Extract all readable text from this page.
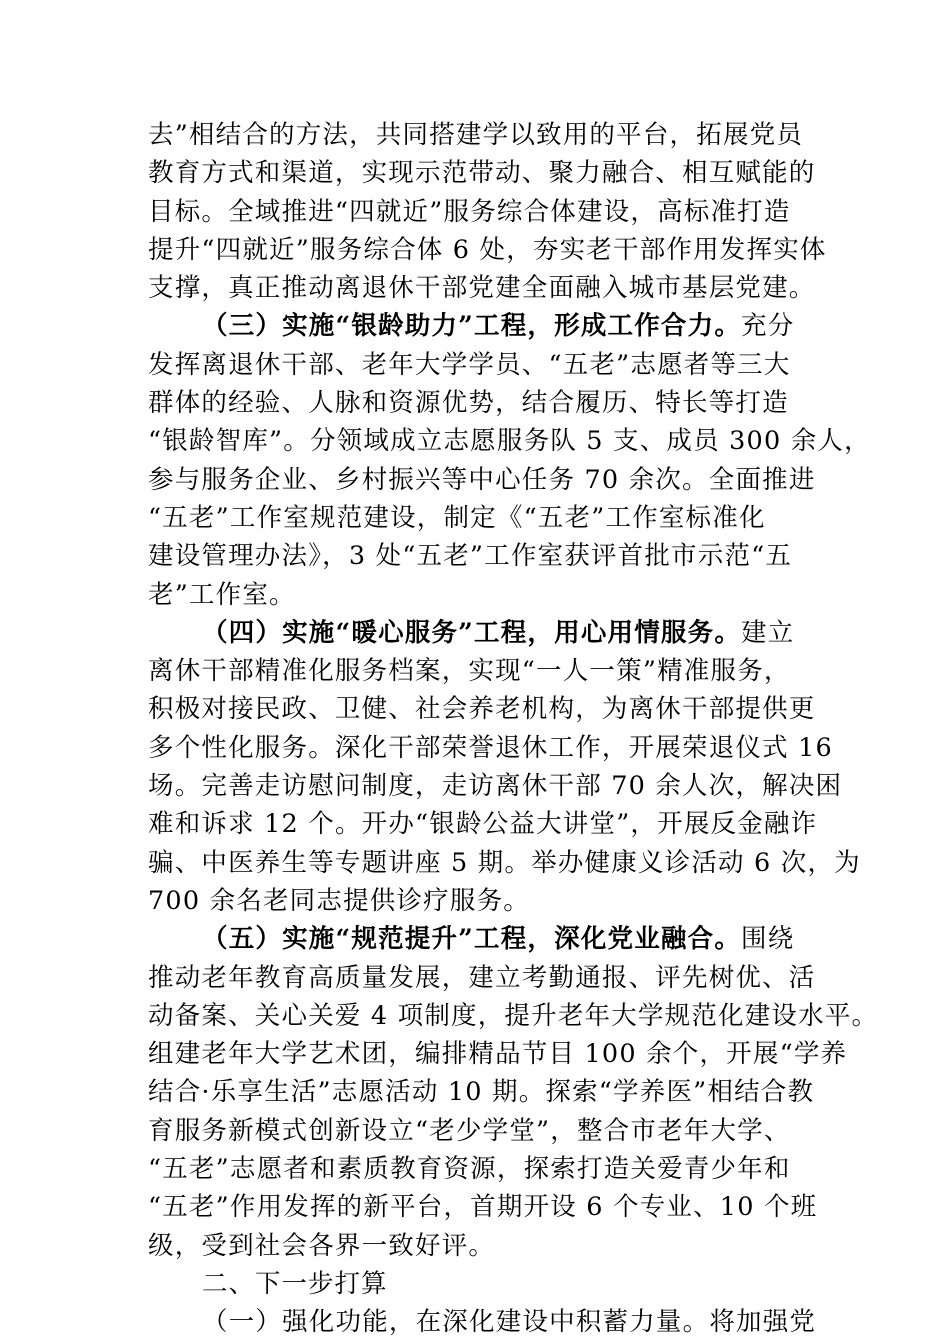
去”相结合的方法，共同搭建学以致用的平台，拓展党员
教育方式和渠道，实现示范带动、聚力融合、相互赋能的
目标。全域推进“四就近”服务综合体建设，高标准打造
提升“四就近”服务综合体 6 处，夯实老干部作用发挥实体
支撑，真正推动离退休干部党建全面融入城市基层党建。
（三）实施“银龄助力”工程，形成工作合力。充分
发挥离退休干部、老年大学学员、“五老”志愿者等三大
群体的经验、人脉和资源优势，结合履历、特长等打造
“银龄智库”。分领域成立志愿服务队 5 支、成员 300 余人，
参与服务企业、乡村振兴等中心任务 70 余次。全面推进
“五老”工作室规范建设，制定《“五老”工作室标准化
建设管理办法》，3 处“五老”工作室获评首批市示范“五
老”工作室。
（四）实施“暖心服务”工程，用心用情服务。建立
离休干部精准化服务档案，实现“一人一策”精准服务，
积极对接民政、卫健、社会养老机构，为离休干部提供更
多个性化服务。深化干部荣誉退休工作，开展荣退仪式 16
场。完善走访慰问制度，走访离休干部 70 余人次，解决困
难和诉求 12 个。开办“银龄公益大讲堂”，开展反金融诈
骗、中医养生等专题讲座 5 期。举办健康义诊活动 6 次，为
700 余名老同志提供诊疗服务。
（五）实施“规范提升”工程，深化党业融合。围绕
推动老年教育高质量发展，建立考勤通报、评先树优、活
动备案、关心关爱 4 项制度，提升老年大学规范化建设水平。
组建老年大学艺术团，编排精品节目 100 余个，开展“学养
结合·乐享生活”志愿活动 10 期。探索“学养医”相结合教
育服务新模式创新设立“老少学堂”，整合市老年大学、
“五老”志愿者和素质教育资源，探索打造关爱青少年和
“五老”作用发挥的新平台，首期开设 6 个专业、10 个班
级，受到社会各界一致好评。
二、下一步打算
（一）强化功能，在深化建设中积蓄力量。将加强党
